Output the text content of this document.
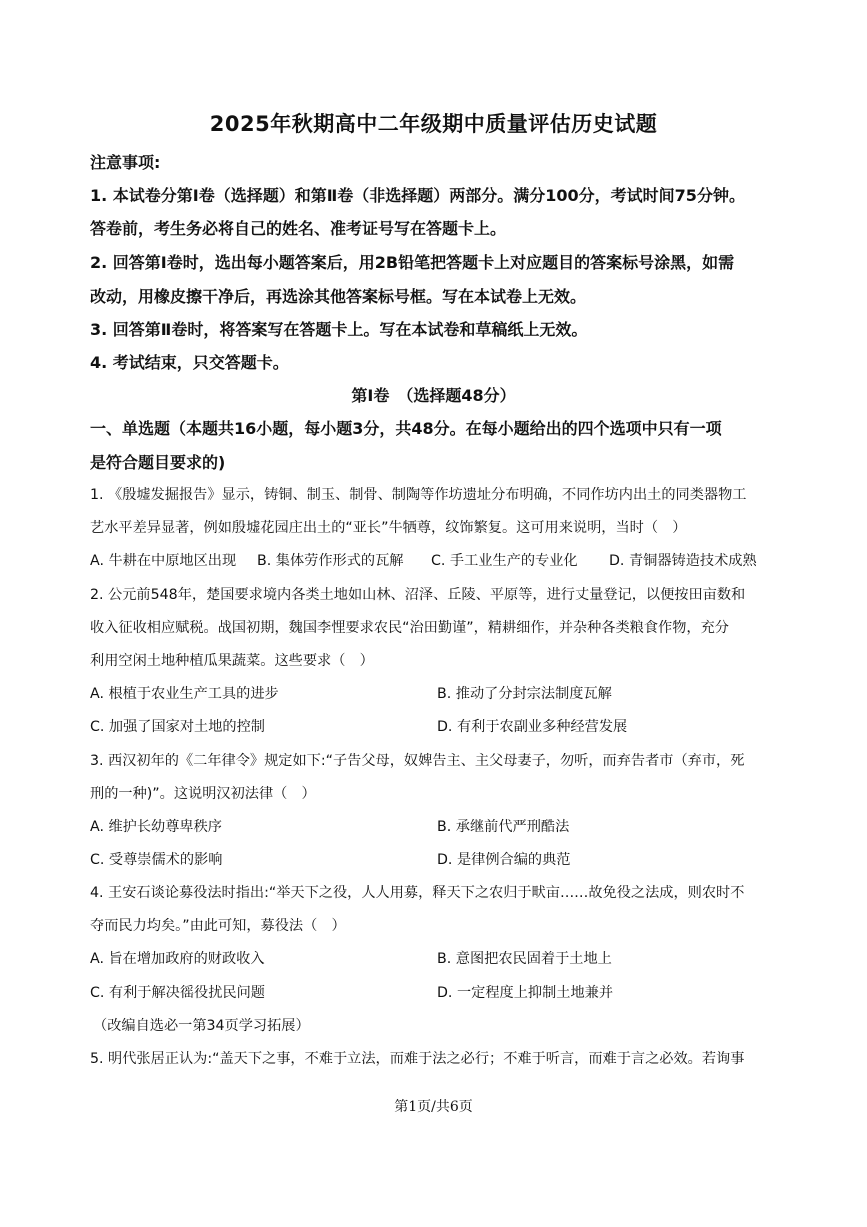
2025年秋期高中二年级期中质量评估历史试题
注意事项:
1. 本试卷分第Ⅰ卷（选择题）和第Ⅱ卷（非选择题）两部分。满分100分，考试时间75分钟。
答卷前，考生务必将自己的姓名、准考证号写在答题卡上。
2. 回答第Ⅰ卷时，选出每小题答案后，用2B铅笔把答题卡上对应题目的答案标号涂黑，如需
改动，用橡皮擦干净后，再选涂其他答案标号框。写在本试卷上无效。
3. 回答第Ⅱ卷时，将答案写在答题卡上。写在本试卷和草稿纸上无效。
4. 考试结束，只交答题卡。
第Ⅰ卷　（选择题48分）
一、单选题（本题共16小题，每小题3分，共48分。在每小题给出的四个选项中只有一项
是符合题目要求的)
1. 《殷墟发掘报告》显示，铸铜、制玉、制骨、制陶等作坊遗址分布明确，不同作坊内出土的同类器物工
艺水平差异显著，例如殷墟花园庄出土的“亚长”牛牺尊，纹饰繁复。这可用来说明，当时（　）
A. 牛耕在中原地区出现 B. 集体劳作形式的瓦解 C. 手工业生产的专业化 D. 青铜器铸造技术成熟
2. 公元前548年，楚国要求境内各类土地如山林、沼泽、丘陵、平原等，进行丈量登记，以便按田亩数和
收入征收相应赋税。战国初期，魏国李悝要求农民“治田勤谨”，精耕细作，并杂种各类粮食作物，充分
利用空闲土地种植瓜果蔬菜。这些要求（　）
A. 根植于农业生产工具的进步	B. 推动了分封宗法制度瓦解
C. 加强了国家对土地的控制	D. 有利于农副业多种经营发展
3. 西汉初年的《二年律令》规定如下:“子告父母，奴婢告主、主父母妻子，勿听，而弃告者市（弃市，死
刑的一种)”。这说明汉初法律（　）
A. 维护长幼尊卑秩序	B. 承继前代严刑酷法
C. 受尊崇儒术的影响	D. 是律例合编的典范
4. 王安石谈论募役法时指出:“举天下之役，人人用募，释天下之农归于畎亩……故免役之法成，则农时不
夺而民力均矣。”由此可知，募役法（　）
A. 旨在增加政府的财政收入	B. 意图把农民固着于土地上
C. 有利于解决徭役扰民问题	D. 一定程度上抑制土地兼并
（改编自选必一第34页学习拓展）
5. 明代张居正认为:“盖天下之事，不难于立法，而难于法之必行；不难于听言，而难于言之必效。若询事
第1页/共6页
